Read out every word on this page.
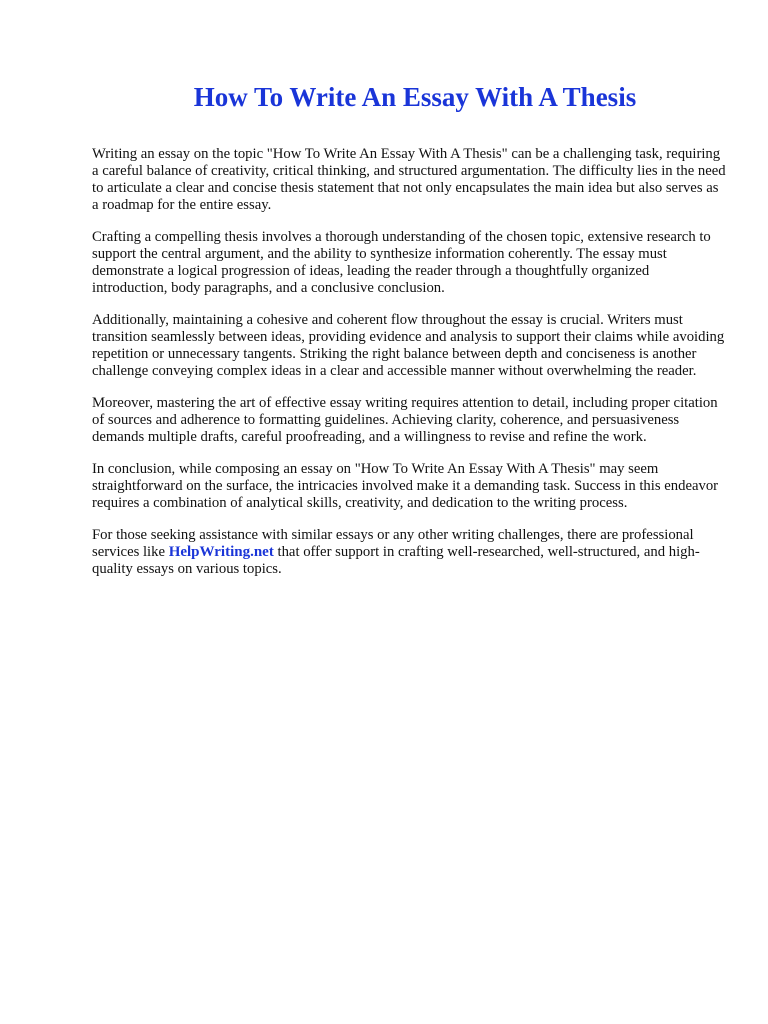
How To Write An Essay With A Thesis

Writing an essay on the topic "How To Write An Essay With A Thesis" can be a challenging task, requiring a careful balance of creativity, critical thinking, and structured argumentation. The difficulty lies in the need to articulate a clear and concise thesis statement that not only encapsulates the main idea but also serves as a roadmap for the entire essay.

Crafting a compelling thesis involves a thorough understanding of the chosen topic, extensive research to support the central argument, and the ability to synthesize information coherently. The essay must demonstrate a logical progression of ideas, leading the reader through a thoughtfully organized introduction, body paragraphs, and a conclusive conclusion.

Additionally, maintaining a cohesive and coherent flow throughout the essay is crucial. Writers must transition seamlessly between ideas, providing evidence and analysis to support their claims while avoiding repetition or unnecessary tangents. Striking the right balance between depth and conciseness is another challenge conveying complex ideas in a clear and accessible manner without overwhelming the reader.

Moreover, mastering the art of effective essay writing requires attention to detail, including proper citation of sources and adherence to formatting guidelines. Achieving clarity, coherence, and persuasiveness demands multiple drafts, careful proofreading, and a willingness to revise and refine the work.

In conclusion, while composing an essay on "How To Write An Essay With A Thesis" may seem straightforward on the surface, the intricacies involved make it a demanding task. Success in this endeavor requires a combination of analytical skills, creativity, and dedication to the writing process.

For those seeking assistance with similar essays or any other writing challenges, there are professional services like HelpWriting.net that offer support in crafting well-researched, well-structured, and high-quality essays on various topics.
